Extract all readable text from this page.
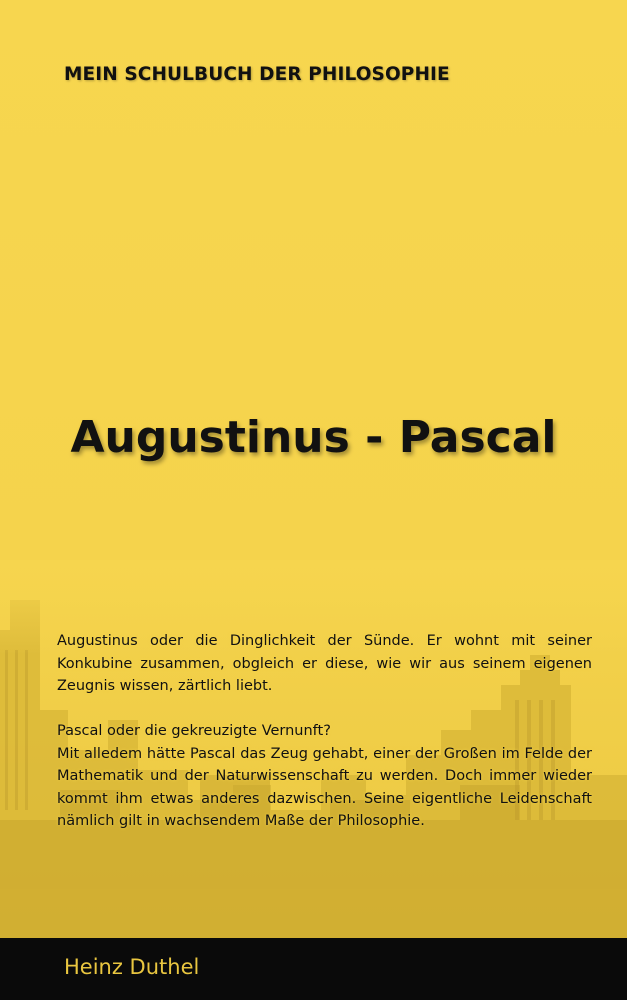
MEIN SCHULBUCH DER PHILOSOPHIE
Augustinus - Pascal

Augustinus oder die Dinglichkeit der Sünde. Er wohnt mit seiner Konkubine zusammen, obgleich er diese, wie wir aus seinem eigenen Zeugnis wissen, zärtlich liebt.

Pascal oder die gekreuzigte Vernunft?

Mit alledem hätte Pascal das Zeug gehabt, einer der Großen im Felde der Mathematik und der Naturwissenschaft zu werden. Doch immer wieder kommt ihm etwas anderes dazwischen. Seine eigentliche Leidenschaft nämlich gilt in wachsendem Maße der Philosophie.

Heinz Duthel
